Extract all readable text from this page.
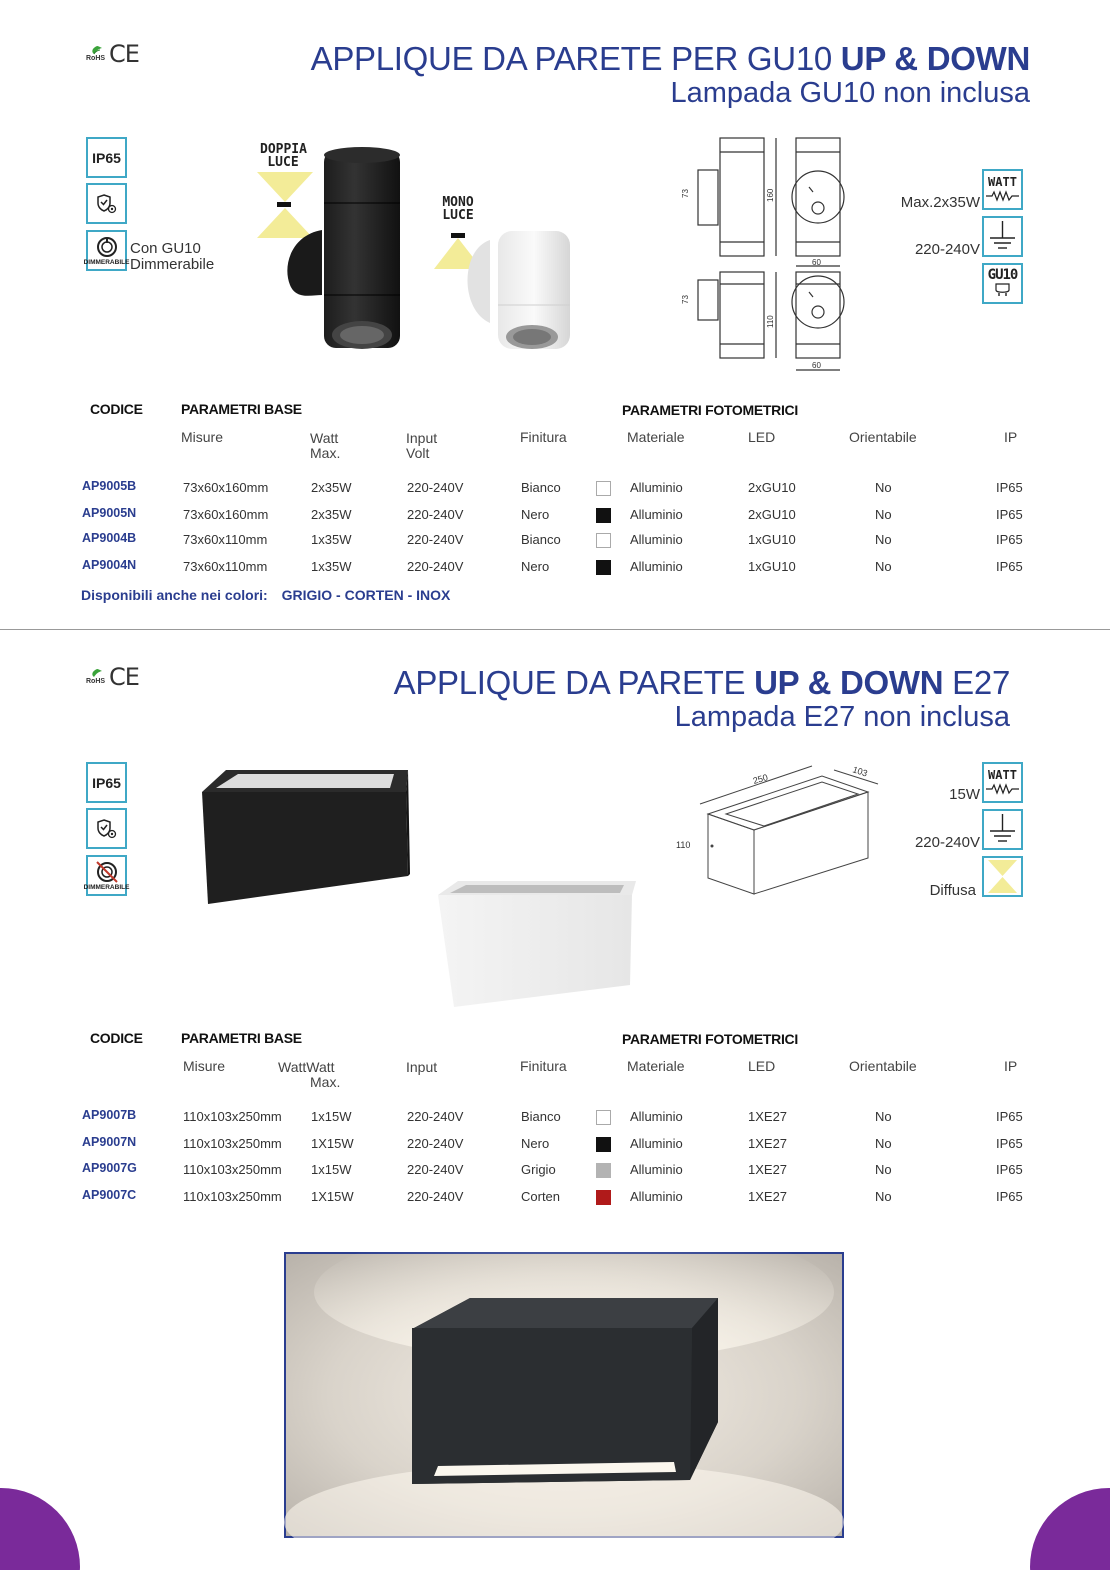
RoHS CE	APPLIQUE DA PARETE PER GU10 UP & DOWN
Lampada GU10 non inclusa
IP65
DIMMERABILE
Con GU10
Dimmerabile
DOPPIA
LUCE
MONO
LUCE
73	160
60
73
110
60
WATT
Max.2x35W
220-240V
GU10
CODICE	PARAMETRI BASE	PARAMETRI FOTOMETRICI
Misure	Watt
Max.
Input
Volt
Finitura	Materiale	LED	Orientabile	IP
AP9005B	73x60x160mm	2x35W	220-240V	Bianco	Alluminio	2xGU10	No	IP65
AP9005N	73x60x160mm	2x35W	220-240V	Nero	Alluminio	2xGU10	No	IP65
AP9004B	73x60x110mm	1x35W	220-240V	Bianco	Alluminio	1xGU10	No	IP65
AP9004N	73x60x110mm	1x35W	220-240V	Nero	Alluminio	1xGU10	No	IP65
Disponibili anche nei colori: GRIGIO - CORTEN - INOX
RoHS CE	APPLIQUE DA PARETE UP & DOWN E27
Lampada E27 non inclusa
IP65
DIMMERABILE
250
103
110
WATT
15W
220-240V
Diffusa
CODICE	PARAMETRI BASE	PARAMETRI FOTOMETRICI
Misure	WattWatt
Max.
Input	Finitura	Materiale	LED	Orientabile	IP
AP9007B	110x103x250mm 1x15W	220-240V	Bianco	Alluminio	1XE27	No	IP65
AP9007N	110x103x250mm 1X15W	220-240V	Nero	Alluminio	1XE27	No	IP65
AP9007G	110x103x250mm 1x15W	220-240V	Grigio	Alluminio	1XE27	No	IP65
AP9007C	110x103x250mm 1X15W	220-240V	Corten	Alluminio	1XE27	No	IP65
